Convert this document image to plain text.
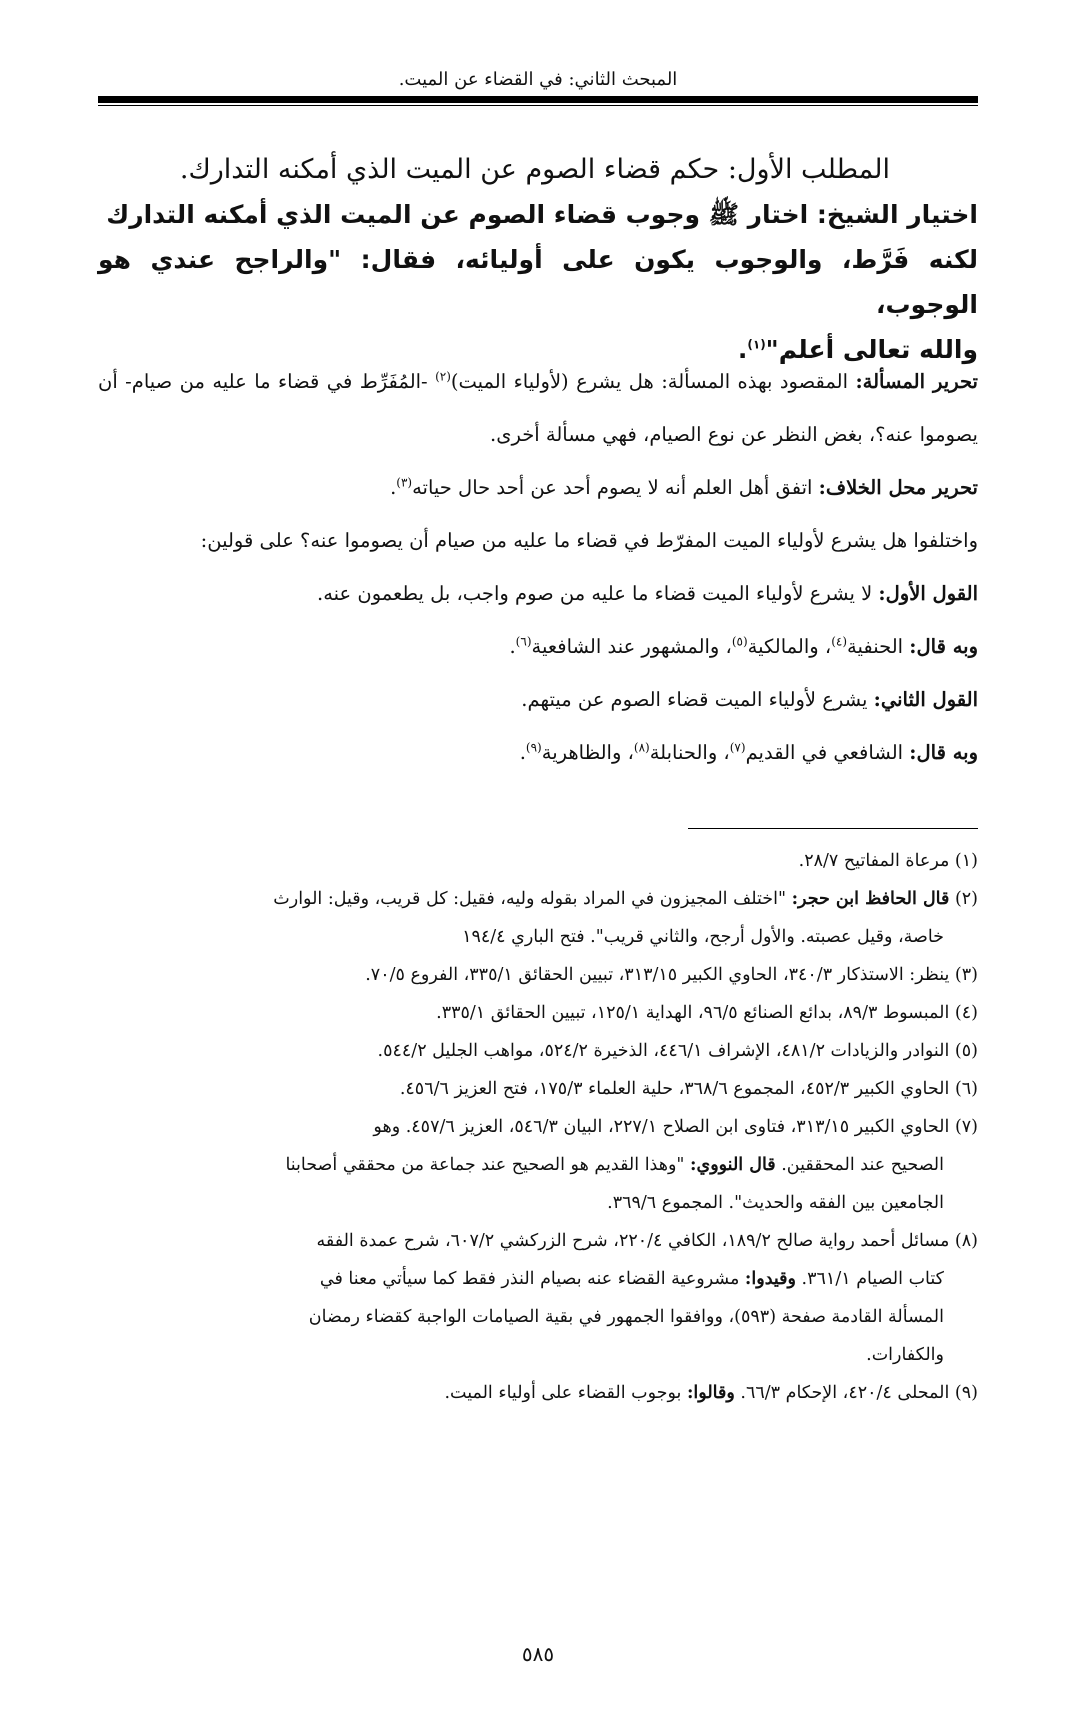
المبحث الثاني: في القضاء عن الميت.
المطلب الأول: حكم قضاء الصوم عن الميت الذي أمكنه التدارك.
اختيار الشيخ: اختار ﷺ وجوب قضاء الصوم عن الميت الذي أمكنه التدارك
لكنه فَرَّط، والوجوب يكون على أوليائه، فقال: "والراجح عندي هو الوجوب،
والله تعالى أعلم"$^{(١)}$.

تحرير المسألة: المقصود بهذه المسألة: هل يشرع (لأولياء الميت)$^{(٢)}$ -المُفَرِّط في قضاء ما عليه من صيام- أن يصوموا عنه؟، بغض النظر عن نوع الصيام، فهي مسألة أخرى.

تحرير محل الخلاف: اتفق أهل العلم أنه لا يصوم أحد عن أحد حال حياته$^{(٣)}$.

واختلفوا هل يشرع لأولياء الميت المفرّط في قضاء ما عليه من صيام أن يصوموا عنه؟ على قولين:

القول الأول: لا يشرع لأولياء الميت قضاء ما عليه من صوم واجب، بل يطعمون عنه.

وبه قال: الحنفية$^{(٤)}$، والمالكية$^{(٥)}$، والمشهور عند الشافعية$^{(٦)}$.

القول الثاني: يشرع لأولياء الميت قضاء الصوم عن ميتهم.

وبه قال: الشافعي في القديم$^{(٧)}$، والحنابلة$^{(٨)}$، والظاهرية$^{(٩)}$.

(١) مرعاة المفاتيح ٢٨/٧.
(٢) قال الحافظ ابن حجر: "اختلف المجيزون في المراد بقوله وليه، فقيل: كل قريب، وقيل: الوارث
خاصة، وقيل عصبته. والأول أرجح، والثاني قريب". فتح الباري ١٩٤/٤
(٣) ينظر: الاستذكار ٣٤٠/٣، الحاوي الكبير ٣١٣/١٥، تبيين الحقائق ٣٣٥/١، الفروع ٧٠/٥.
(٤) المبسوط ٨٩/٣، بدائع الصنائع ٩٦/٥، الهداية ١٢٥/١، تبيين الحقائق ٣٣٥/١.
(٥) النوادر والزيادات ٤٨١/٢، الإشراف ٤٤٦/١، الذخيرة ٥٢٤/٢، مواهب الجليل ٥٤٤/٢.
(٦) الحاوي الكبير ٤٥٢/٣، المجموع ٣٦٨/٦، حلية العلماء ١٧٥/٣، فتح العزيز ٤٥٦/٦.
(٧) الحاوي الكبير ٣١٣/١٥، فتاوى ابن الصلاح ٢٢٧/١، البيان ٥٤٦/٣، العزيز ٤٥٧/٦. وهو
الصحيح عند المحققين. قال النووي: "وهذا القديم هو الصحيح عند جماعة من محققي أصحابنا
الجامعين بين الفقه والحديث". المجموع ٣٦٩/٦.
(٨) مسائل أحمد رواية صالح ١٨٩/٢، الكافي ٢٢٠/٤، شرح الزركشي ٦٠٧/٢، شرح عمدة الفقه
كتاب الصيام ٣٦١/١. وقيدوا: مشروعية القضاء عنه بصيام النذر فقط كما سيأتي معنا في
المسألة القادمة صفحة (٥٩٣)، ووافقوا الجمهور في بقية الصيامات الواجبة كقضاء رمضان
والكفارات.
(٩) المحلى ٤٢٠/٤، الإحكام ٦٦/٣. وقالوا: بوجوب القضاء على أولياء الميت.
٥٨٥
